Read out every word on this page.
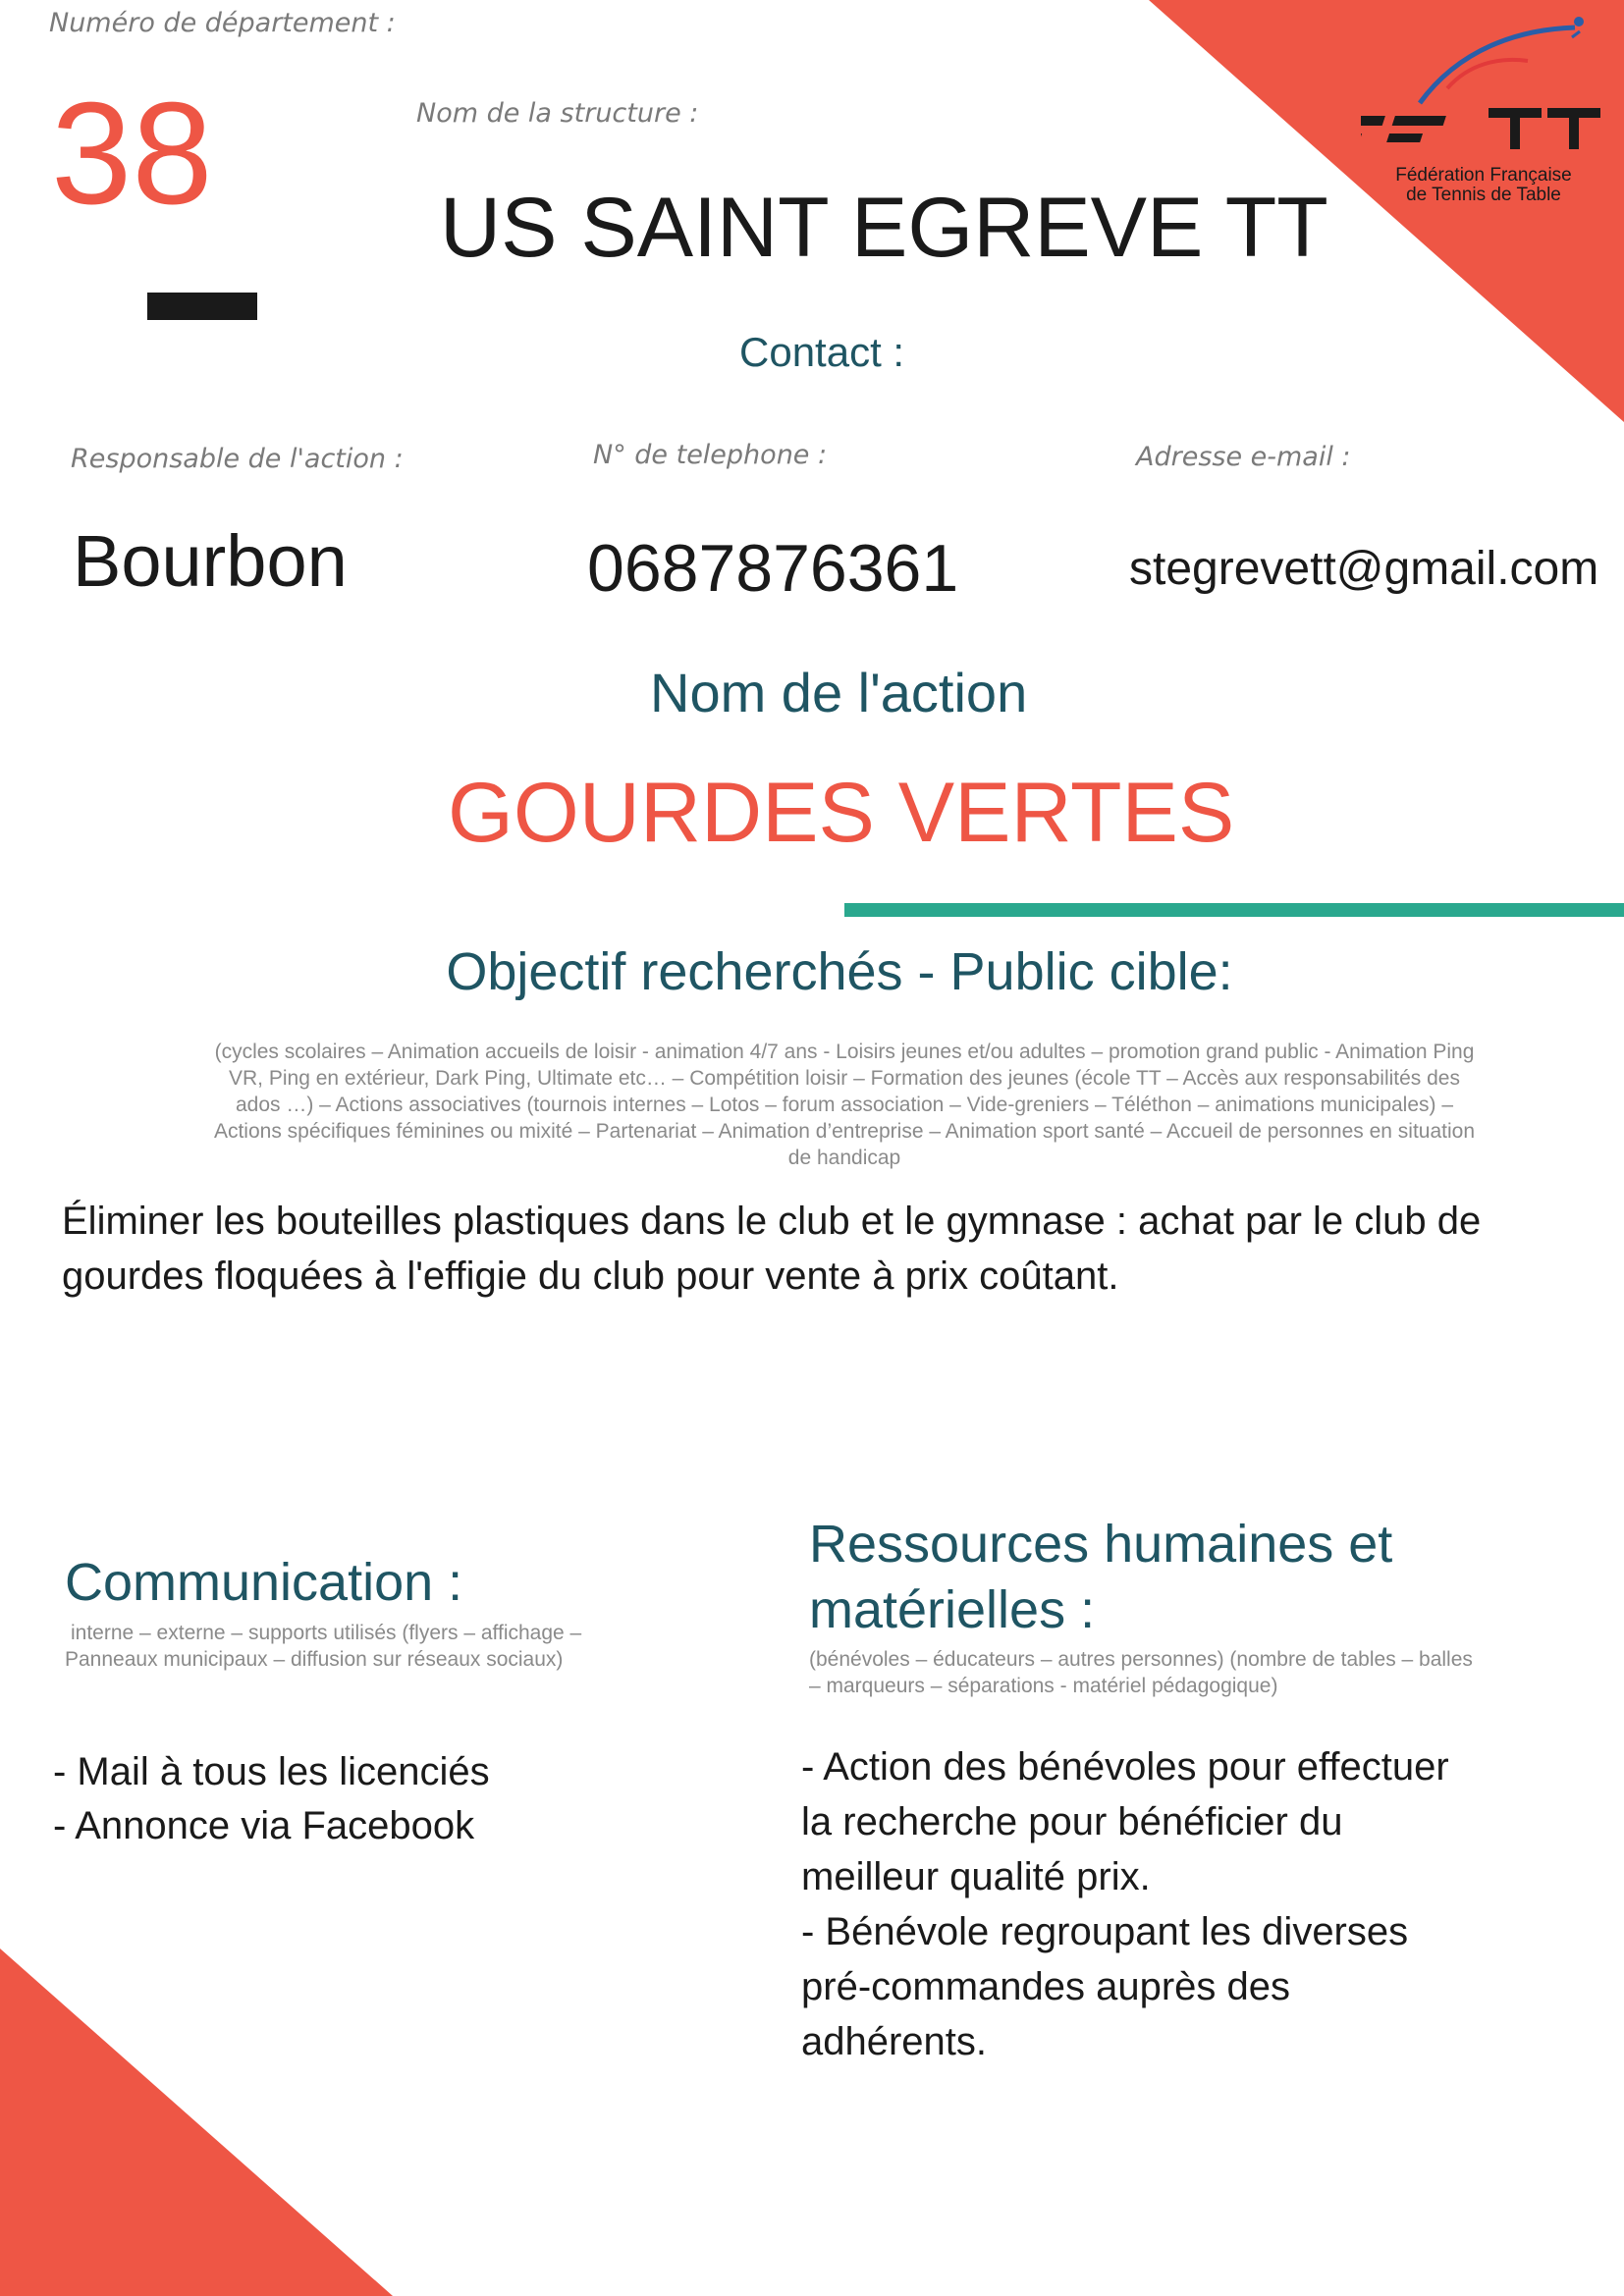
Fédération Française
de Tennis de Table
Numéro de département :
38	Nom de la structure :
US SAINT EGREVE TT
Contact :
Responsable de l'action :	N° de telephone :	Adresse e-mail :
Bourbon	0687876361	stegrevett@gmail.com
Nom de l'action
GOURDES VERTES
Objectif recherchés - Public cible:
(cycles scolaires – Animation accueils de loisir - animation 4/7 ans - Loisirs jeunes et/ou adultes – promotion grand public - Animation Ping
VR, Ping en extérieur, Dark Ping, Ultimate etc… – Compétition loisir – Formation des jeunes (école TT – Accès aux responsabilités des
ados …) – Actions associatives (tournois internes – Lotos – forum association – Vide-greniers – Téléthon – animations municipales) –
Actions spécifiques féminines ou mixité – Partenariat – Animation d’entreprise – Animation sport santé – Accueil de personnes en situation
de handicap
Éliminer les bouteilles plastiques dans le club et le gymnase : achat par le club de
gourdes floquées à l'effigie du club pour vente à prix coûtant.
Communication :
interne – externe – supports utilisés (flyers – affichage –
Panneaux municipaux – diffusion sur réseaux sociaux)
- Mail à tous les licenciés
- Annonce via Facebook
Ressources humaines et
matérielles :
(bénévoles – éducateurs – autres personnes) (nombre de tables – balles
– marqueurs – séparations - matériel pédagogique)
- Action des bénévoles pour effectuer
la recherche pour bénéficier du
meilleur qualité prix.
- Bénévole regroupant les diverses
pré-commandes auprès des
adhérents.
